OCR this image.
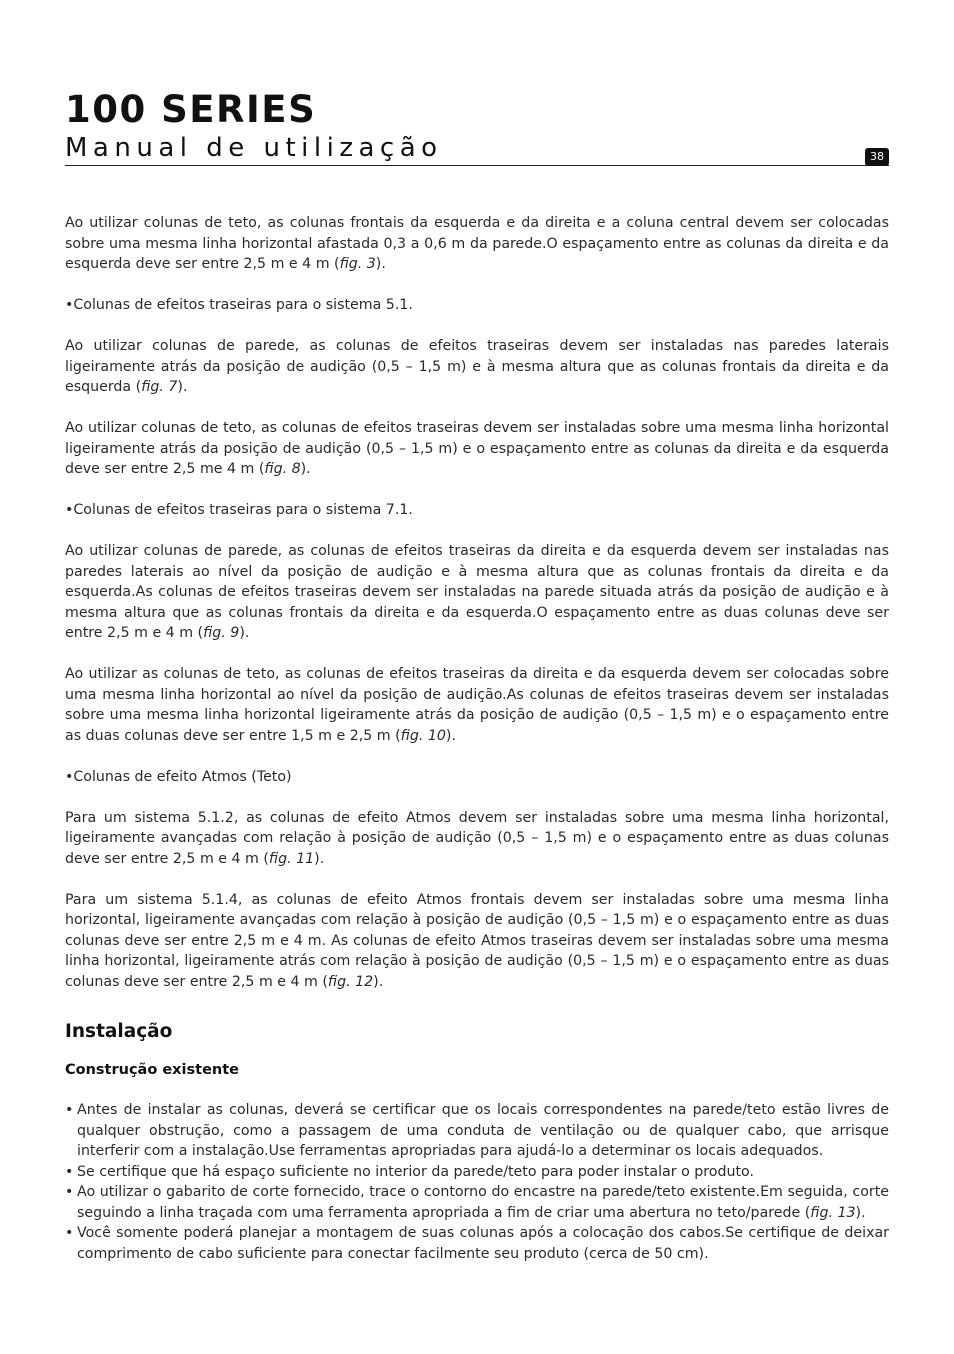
100 SERIES
Manual de utilização	38

Ao utilizar colunas de teto, as colunas frontais da esquerda e da direita e a coluna central devem ser colocadas sobre uma mesma linha horizontal afastada 0,3 a 0,6 m da parede.O espaçamento entre as colunas da direita e da esquerda deve ser entre 2,5 m e 4 m (fig. 3).

• Colunas de efeitos traseiras para o sistema 5.1.

Ao utilizar colunas de parede, as colunas de efeitos traseiras devem ser instaladas nas paredes laterais ligeiramente atrás da posição de audição (0,5 – 1,5 m) e à mesma altura que as colunas frontais da direita e da esquerda (fig. 7).

Ao utilizar colunas de teto, as colunas de efeitos traseiras devem ser instaladas sobre uma mesma linha horizontal ligeiramente atrás da posição de audição (0,5 – 1,5 m) e o espaçamento entre as colunas da direita e da esquerda deve ser entre 2,5 me 4 m (fig. 8).

• Colunas de efeitos traseiras para o sistema 7.1.

Ao utilizar colunas de parede, as colunas de efeitos traseiras da direita e da esquerda devem ser instaladas nas paredes laterais ao nível da posição de audição e à mesma altura que as colunas frontais da direita e da esquerda.As colunas de efeitos traseiras devem ser instaladas na parede situada atrás da posição de audição e à mesma altura que as colunas frontais da direita e da esquerda.O espaçamento entre as duas colunas deve ser entre 2,5 m e 4 m (fig. 9).

Ao utilizar as colunas de teto, as colunas de efeitos traseiras da direita e da esquerda devem ser colocadas sobre uma mesma linha horizontal ao nível da posição de audição.As colunas de efeitos traseiras devem ser instaladas sobre uma mesma linha horizontal ligeiramente atrás da posição de audição (0,5 – 1,5 m) e o espaçamento entre as duas colunas deve ser entre 1,5 m e 2,5 m (fig. 10).

• Colunas de efeito Atmos (Teto)

Para um sistema 5.1.2, as colunas de efeito Atmos devem ser instaladas sobre uma mesma linha horizontal, ligeiramente avançadas com relação à posição de audição (0,5 – 1,5 m) e o espaçamento entre as duas colunas deve ser entre 2,5 m e 4 m (fig. 11).

Para um sistema 5.1.4, as colunas de efeito Atmos frontais devem ser instaladas sobre uma mesma linha horizontal, ligeiramente avançadas com relação à posição de audição (0,5 – 1,5 m) e o espaçamento entre as duas colunas deve ser entre 2,5 m e 4 m. As colunas de efeito Atmos traseiras devem ser instaladas sobre uma mesma linha horizontal, ligeiramente atrás com relação à posição de audição (0,5 – 1,5 m) e o espaçamento entre as duas colunas deve ser entre 2,5 m e 4 m (fig. 12).

Instalação
Construção existente
• Antes de instalar as colunas, deverá se certificar que os locais correspondentes na parede/teto estão livres de qualquer obstrução, como a passagem de uma conduta de ventilação ou de qualquer cabo, que arrisque interferir com a instalação.Use ferramentas apropriadas para ajudá-lo a determinar os locais adequados.
• Se certifique que há espaço suficiente no interior da parede/teto para poder instalar o produto.
• Ao utilizar o gabarito de corte fornecido, trace o contorno do encastre na parede/teto existente.Em seguida, corte seguindo a linha traçada com uma ferramenta apropriada a fim de criar uma abertura no teto/parede (fig. 13).
• Você somente poderá planejar a montagem de suas colunas após a colocação dos cabos.Se certifique de deixar comprimento de cabo suficiente para conectar facilmente seu produto (cerca de 50 cm).
